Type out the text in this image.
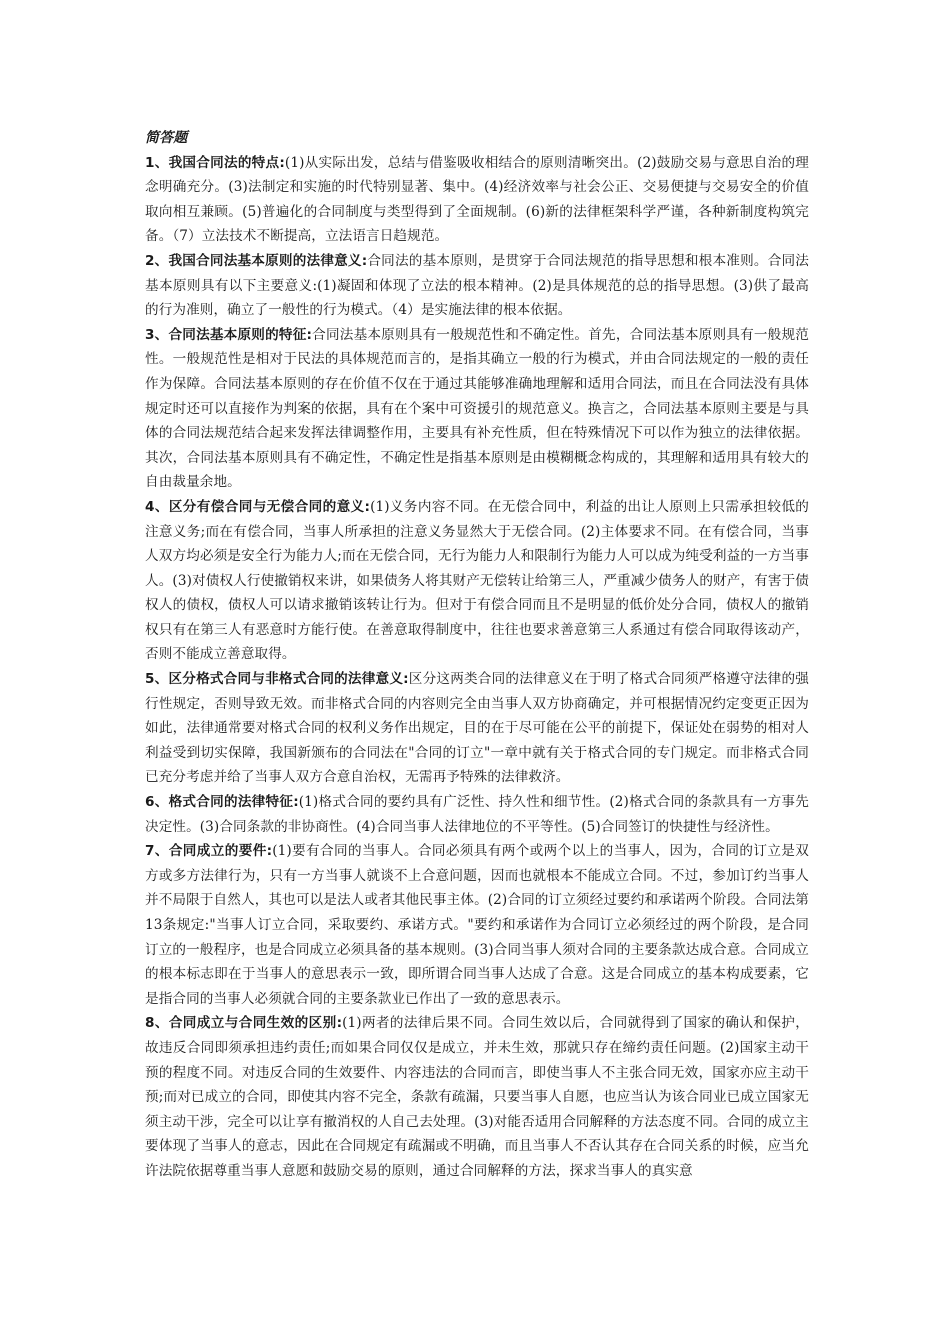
简答题

1、我国合同法的特点:(1)从实际出发，总结与借鉴吸收相结合的原则清晰突出。(2)鼓励交易与意思自治的理念明确充分。(3)法制定和实施的时代特别显著、集中。(4)经济效率与社会公正、交易便捷与交易安全的价值取向相互兼顾。(5)普遍化的合同制度与类型得到了全面规制。(6)新的法律框架科学严谨，各种新制度构筑完备。（7）立法技术不断提高，立法语言日趋规范。

2、我国合同法基本原则的法律意义:合同法的基本原则，是贯穿于合同法规范的指导思想和根本准则。合同法基本原则具有以下主要意义:(1)凝固和体现了立法的根本精神。(2)是具体规范的总的指导思想。(3)供了最高的行为准则，确立了一般性的行为模式。（4）是实施法律的根本依据。

3、合同法基本原则的特征:合同法基本原则具有一般规范性和不确定性。首先，合同法基本原则具有一般规范性。一般规范性是相对于民法的具体规范而言的，是指其确立一般的行为模式，并由合同法规定的一般的责任作为保障。合同法基本原则的存在价值不仅在于通过其能够准确地理解和适用合同法，而且在合同法没有具体规定时还可以直接作为判案的依据，具有在个案中可资援引的规范意义。换言之，合同法基本原则主要是与具体的合同法规范结合起来发挥法律调整作用，主要具有补充性质，但在特殊情况下可以作为独立的法律依据。其次，合同法基本原则具有不确定性，不确定性是指基本原则是由模糊概念构成的，其理解和适用具有较大的自由裁量余地。

4、区分有偿合同与无偿合同的意义:(1)义务内容不同。在无偿合同中，利益的出让人原则上只需承担较低的注意义务;而在有偿合同，当事人所承担的注意义务显然大于无偿合同。(2)主体要求不同。在有偿合同，当事人双方均必须是安全行为能力人;而在无偿合同，无行为能力人和限制行为能力人可以成为纯受利益的一方当事人。(3)对债权人行使撤销权来讲，如果债务人将其财产无偿转让给第三人，严重减少债务人的财产，有害于债权人的债权，债权人可以请求撤销该转让行为。但对于有偿合同而且不是明显的低价处分合同，债权人的撤销权只有在第三人有恶意时方能行使。在善意取得制度中，往往也要求善意第三人系通过有偿合同取得该动产，否则不能成立善意取得。

5、区分格式合同与非格式合同的法律意义:区分这两类合同的法律意义在于明了格式合同须严格遵守法律的强行性规定，否则导致无效。而非格式合同的内容则完全由当事人双方协商确定，并可根据情况约定变更正因为如此，法律通常要对格式合同的权利义务作出规定，目的在于尽可能在公平的前提下，保证处在弱势的相对人利益受到切实保障，我国新颁布的合同法在"合同的订立"一章中就有关于格式合同的专门规定。而非格式合同已充分考虑并给了当事人双方合意自治权，无需再予特殊的法律救济。

6、格式合同的法律特征:(1)格式合同的要约具有广泛性、持久性和细节性。(2)格式合同的条款具有一方事先决定性。(3)合同条款的非协商性。(4)合同当事人法律地位的不平等性。(5)合同签订的快捷性与经济性。

7、合同成立的要件:(1)要有合同的当事人。合同必须具有两个或两个以上的当事人，因为，合同的订立是双方或多方法律行为，只有一方当事人就谈不上合意问题，因而也就根本不能成立合同。不过，参加订约当事人并不局限于自然人，其也可以是法人或者其他民事主体。(2)合同的订立须经过要约和承诺两个阶段。合同法第13条规定:"当事人订立合同，采取要约、承诺方式。"要约和承诺作为合同订立必须经过的两个阶段，是合同订立的一般程序，也是合同成立必须具备的基本规则。(3)合同当事人须对合同的主要条款达成合意。合同成立的根本标志即在于当事人的意思表示一致，即所谓合同当事人达成了合意。这是合同成立的基本构成要素，它是指合同的当事人必须就合同的主要条款业已作出了一致的意思表示。

8、合同成立与合同生效的区别:(1)两者的法律后果不同。合同生效以后，合同就得到了国家的确认和保护，故违反合同即须承担违约责任;而如果合同仅仅是成立，并未生效，那就只存在缔约责任问题。(2)国家主动干预的程度不同。对违反合同的生效要件、内容违法的合同而言，即使当事人不主张合同无效，国家亦应主动干预;而对已成立的合同，即使其内容不完全，条款有疏漏，只要当事人自愿，也应当认为该合同业已成立国家无须主动干涉，完全可以让享有撤消权的人自己去处理。(3)对能否适用合同解释的方法态度不同。合同的成立主要体现了当事人的意志，因此在合同规定有疏漏或不明确，而且当事人不否认其存在合同关系的时候，应当允许法院依据尊重当事人意愿和鼓励交易的原则，通过合同解释的方法，探求当事人的真实意
